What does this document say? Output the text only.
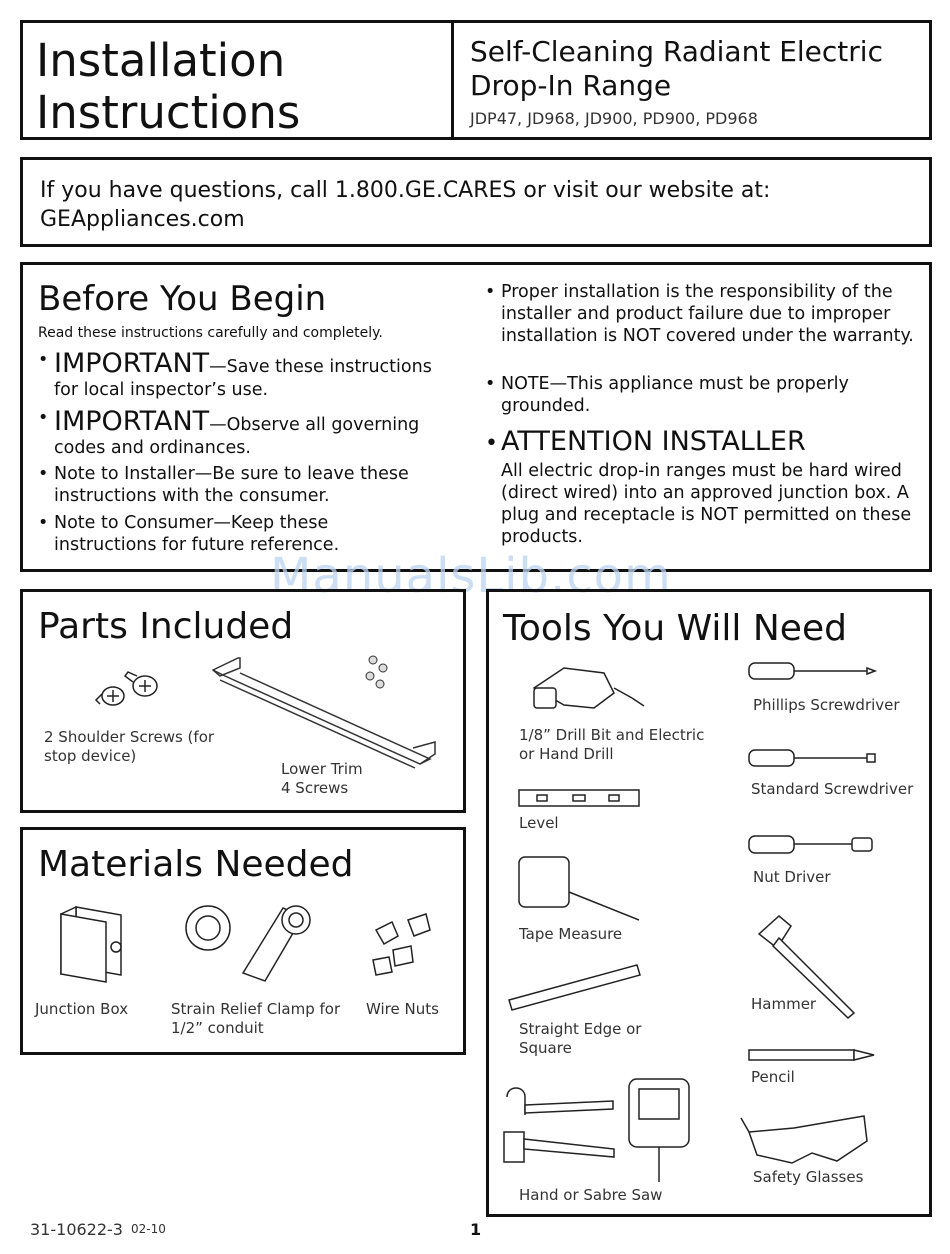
Installation Instructions
Self-Cleaning Radiant Electric Drop-In Range
JDP47, JD968, JD900, PD900, PD968
If you have questions, call 1.800.GE.CARES or visit our website at: GEAppliances.com
Before You Begin
Read these instructions carefully and completely.
• IMPORTANT—Save these instructions for local inspector’s use.
• IMPORTANT—Observe all governing codes and ordinances.
• Note to Installer—Be sure to leave these instructions with the consumer.
• Note to Consumer—Keep these instructions for future reference.
• Proper installation is the responsibility of the installer and product failure due to improper installation is NOT covered under the warranty.
• NOTE—This appliance must be properly grounded.
• ATTENTION INSTALLER
All electric drop-in ranges must be hard wired (direct wired) into an approved junction box. A plug and receptacle is NOT permitted on these products.
ManualsLib.com
Parts Included
2 Shoulder Screws (for stop device)
Lower Trim
4 Screws
Materials Needed
Junction Box	Strain Relief Clamp for 1/2” conduit
Wire Nuts
Tools You Will Need
1/8” Drill Bit and Electric or Hand Drill
Phillips Screwdriver
Standard Screwdriver
Level
Nut Driver
Tape Measure
Hammer
Straight Edge or Square
Pencil
Safety Glasses
Hand or Sabre Saw
31-10622-3 02-10	1
